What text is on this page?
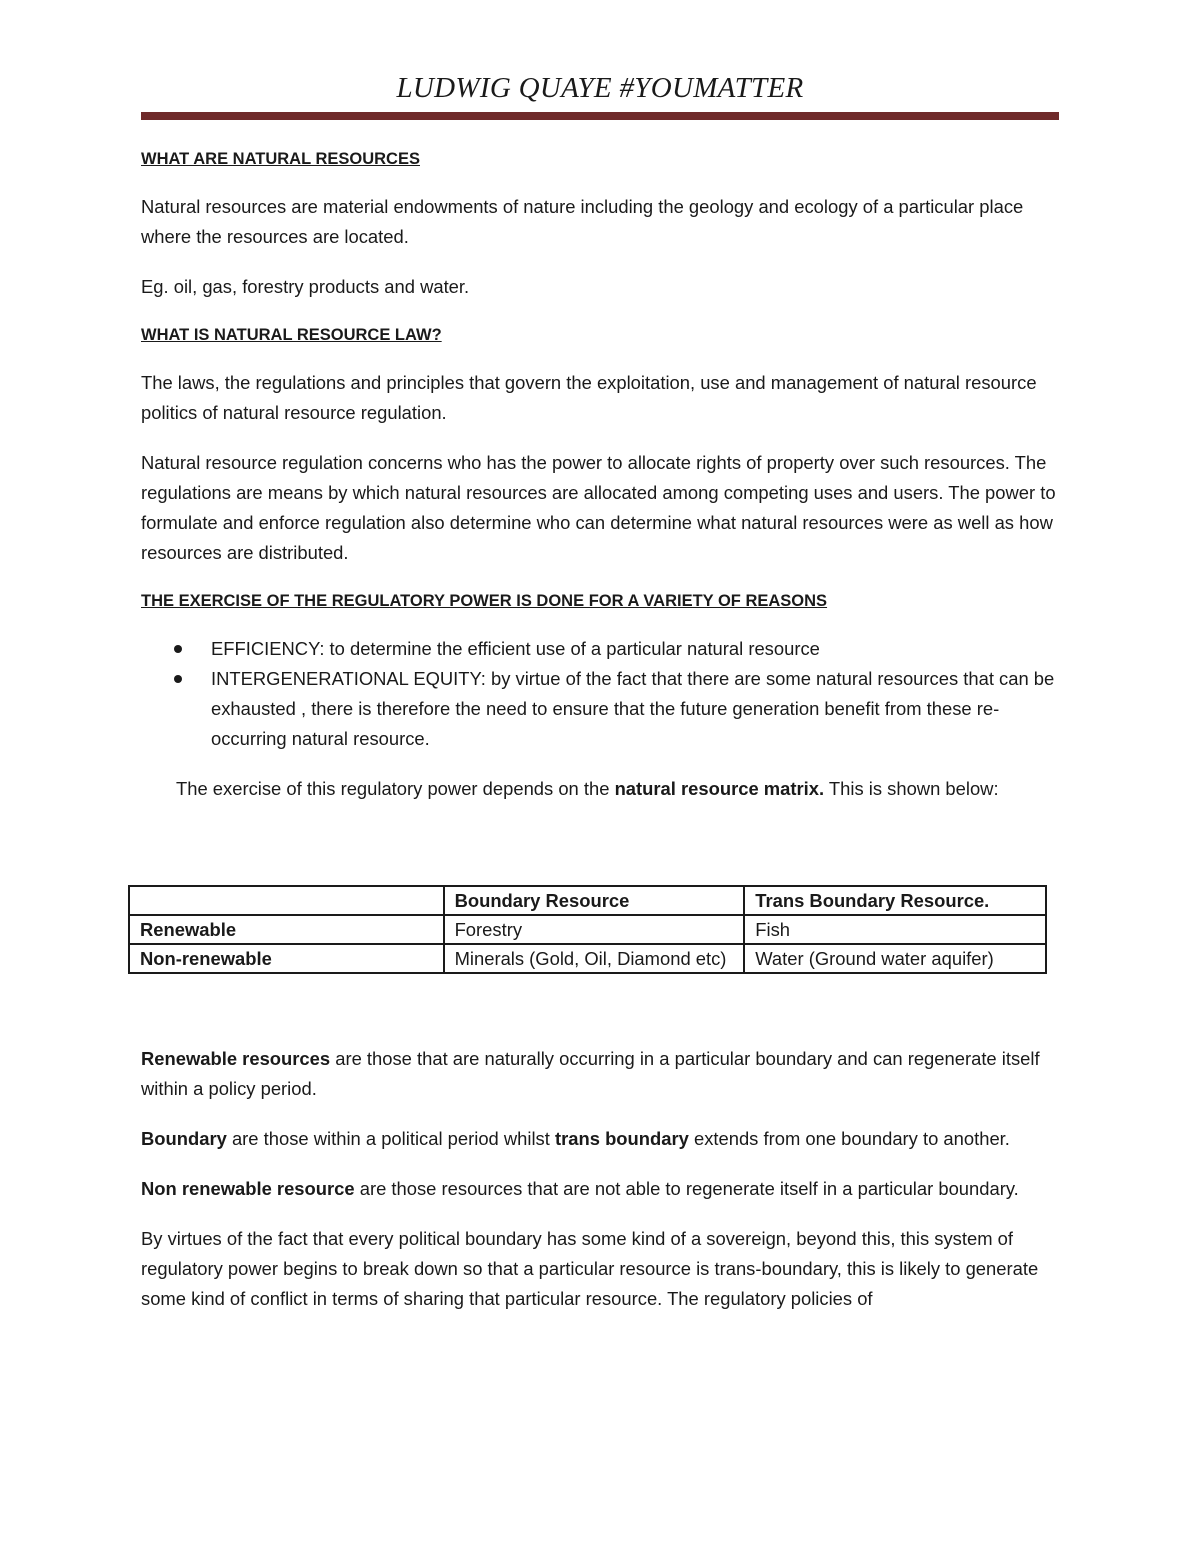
LUDWIG QUAYE #YOUMATTER
WHAT ARE NATURAL RESOURCES

Natural resources are material endowments of nature including the geology and ecology of a particular place where the resources are located.

Eg. oil, gas, forestry products and water.

WHAT IS NATURAL RESOURCE LAW?

The laws, the regulations and principles that govern the exploitation, use and management of natural resource politics of natural resource regulation.

Natural resource regulation concerns who has the power to allocate rights of property over such resources. The regulations are means by which natural resources are allocated among competing uses and users. The power to formulate and enforce regulation also determine who can determine what natural resources were as well as how resources are distributed.

THE EXERCISE OF THE REGULATORY POWER IS DONE FOR A VARIETY OF REASONS
EFFICIENCY: to determine the efficient use of a particular natural resource
INTERGENERATIONAL EQUITY: by virtue of the fact that there are some natural resources that can be exhausted , there is therefore the need to ensure that the future generation benefit from these re-occurring natural resource.

The exercise of this regulatory power depends on the natural resource matrix. This is shown below:

	Boundary Resource	Trans Boundary Resource.
Renewable	Forestry	Fish
Non-renewable	Minerals (Gold, Oil, Diamond etc)	Water (Ground water aquifer)

Renewable resources are those that are naturally occurring in a particular boundary and can regenerate itself within a policy period.

Boundary are those within a political period whilst trans boundary extends from one boundary to another.

Non renewable resource are those resources that are not able to regenerate itself in a particular boundary.

By virtues of the fact that every political boundary has some kind of a sovereign, beyond this, this system of regulatory power begins to break down so that a particular resource is trans-boundary, this is likely to generate some kind of conflict in terms of sharing that particular resource. The regulatory policies of
